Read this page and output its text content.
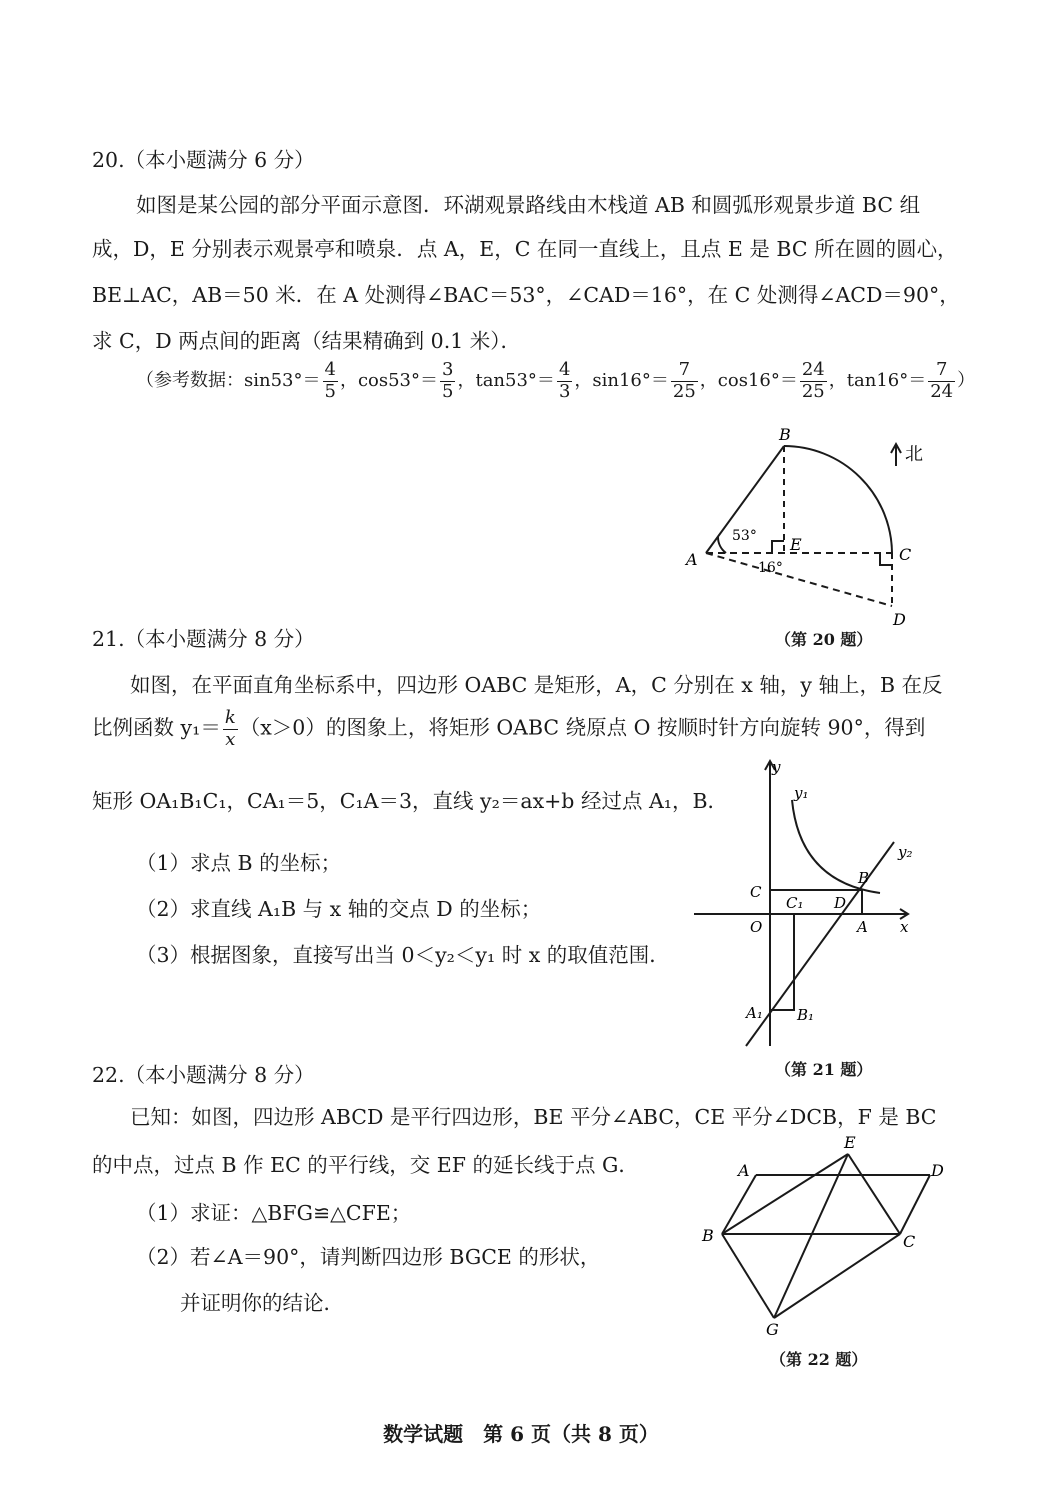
20.（本小题满分 6 分）
如图是某公园的部分平面示意图．环湖观景路线由木栈道 AB 和圆弧形观景步道 BC 组
成，D，E 分别表示观景亭和喷泉．点 A，E，C 在同一直线上，且点 E 是 BC 所在圆的圆心，
BE⊥AC，AB＝50 米．在 A 处测得∠BAC＝53°，∠CAD＝16°，在 C 处测得∠ACD＝90°，
求 C，D 两点间的距离（结果精确到 0.1 米）．
（参考数据：$\sin 53^\circ= \frac{4}{5}$ ，$\cos 53^\circ= \frac{3}{5}$ ，$\tan 53^\circ= \frac{4}{3}$ ，$\sin 16^\circ= \frac{7}{25}$ ，$\cos 16^\circ= \frac{24}{25}$ ，$\tan 16^\circ= \frac{7}{24}$ ）
B
A
E
C
D
53°
16°
北
（第 20 题）
21.（本小题满分 8 分）
如图，在平面直角坐标系中，四边形 OABC 是矩形，A，C 分别在 x 轴，y 轴上，B 在反
比例函数 $y_1= \frac{k}{x} (x>0)$的图象上，将矩形 OABC 绕原点 O 按顺时针方向旋转 90°，得到
矩形 OA₁B₁C₁，CA₁＝5，C₁A＝3，直线 y₂＝ax+b 经过点 A₁，B．
（1）求点 B 的坐标；
（2）求直线 A₁B 与 x 轴的交点 D 的坐标；
（3）根据图象，直接写出当 0＜y₂＜y₁ 时 x 的取值范围．
y
x
O	A
B
C
C₁ D
A₁ B₁
y₁
y₂
（第 21 题）
22.（本小题满分 8 分）
已知：如图，四边形 ABCD 是平行四边形，BE 平分∠ABC，CE 平分∠DCB，F 是 BC
的中点，过点 B 作 EC 的平行线，交 EF 的延长线于点 G．
（1）求证：△BFG≌△CFE；
（2）若∠A＝90°，请判断四边形 BGCE 的形状，
并证明你的结论．
A	D
E
B	C
G
（第 22 题）
数学试题　第 6 页（共 8 页）
